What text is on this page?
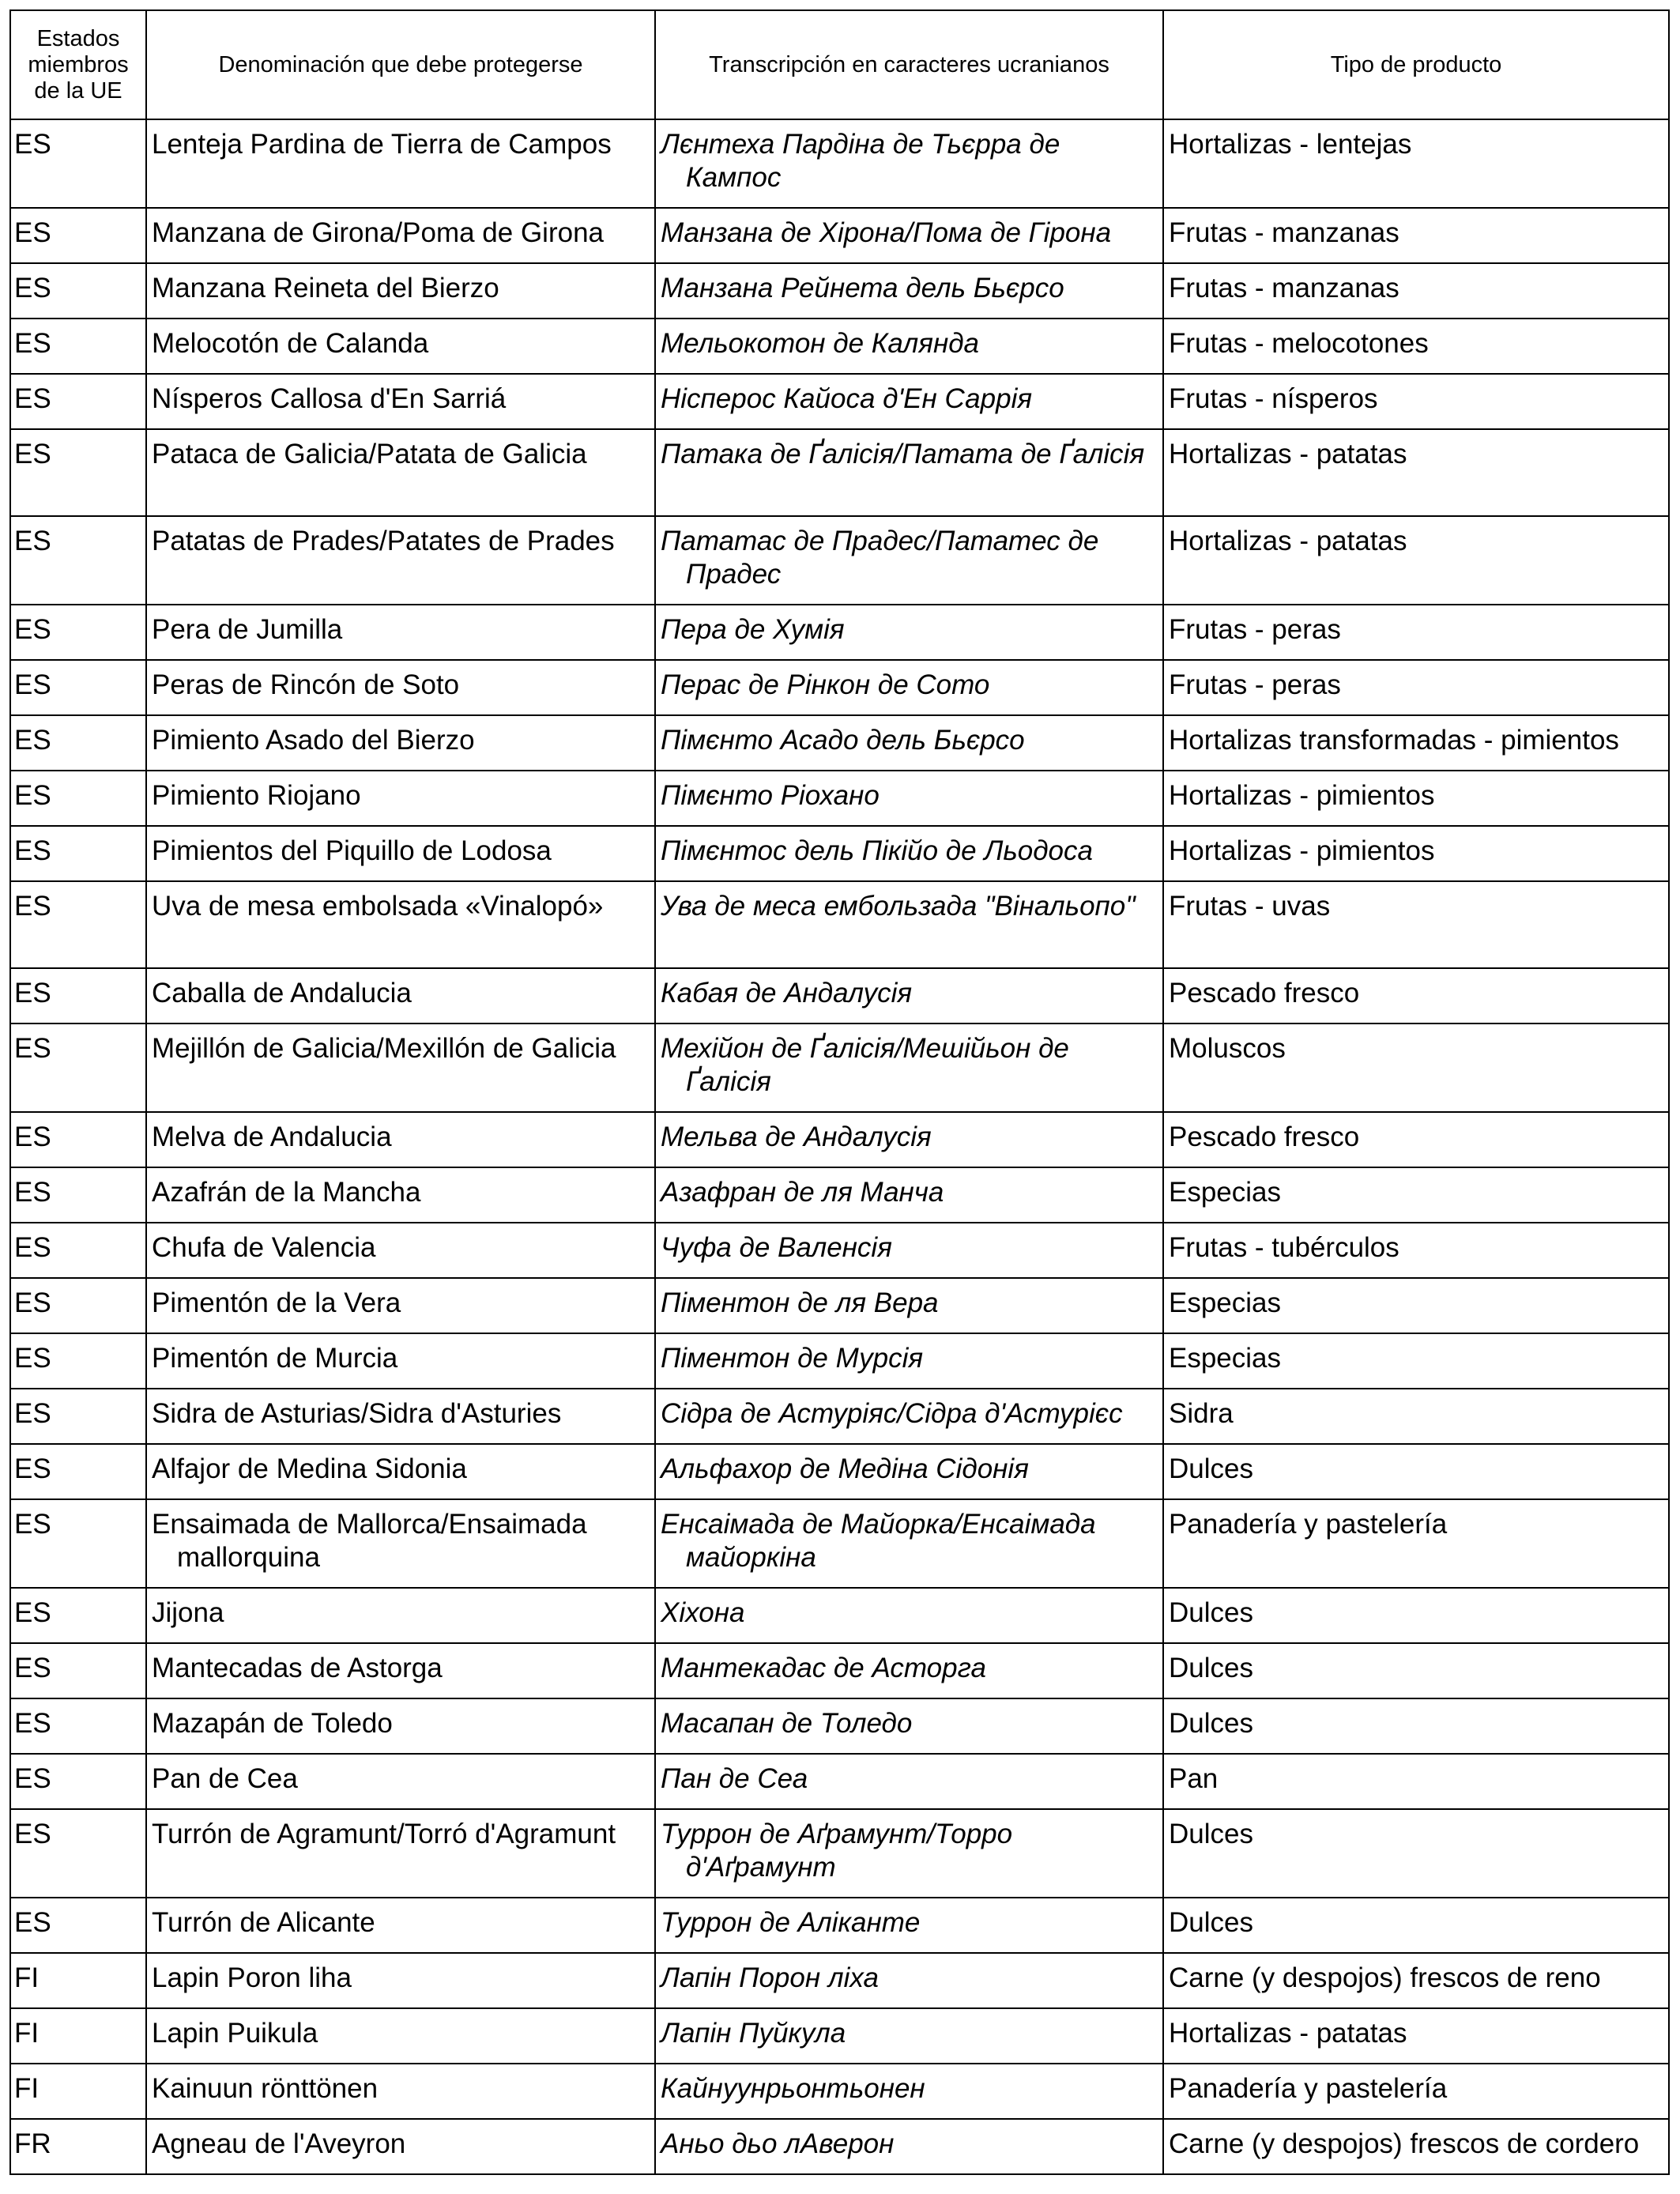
Estados miembros de la UE	Denominación que debe protegerse	Transcripción en caracteres ucranianos	Tipo de producto
ES	Lenteja Pardina de Tierra de Campos	Лєнтеха Пардіна де Тьєрра де Кампос	Hortalizas - lentejas
ES	Manzana de Girona/Poma de Girona	Манзана де Хірона/Пома де Гірона	Frutas - manzanas
ES	Manzana Reineta del Bierzo	Манзана Рейнета дель Бьєрсо	Frutas - manzanas
ES	Melocotón de Calanda	Мельокотон де Калянда	Frutas - melocotones
ES	Nísperos Callosa d'En Sarriá	Ніcперос Кайоса д'Ен Саррія	Frutas - nísperos
ES	Pataca de Galicia/Patata de Galicia	Патака де Ґалісія/Патата де Ґалісія	Hortalizas - patatas
ES	Patatas de Prades/Patates de Prades	Пататас де Прадес/Пататес де Прадес	Hortalizas - patatas
ES	Pera de Jumilla	Пера де Хумія	Frutas - peras
ES	Peras de Rincón de Soto	Перас де Рінкон де Сото	Frutas - peras
ES	Pimiento Asado del Bierzo	Пімєнто Асадо дель Бьєрсо	Hortalizas transformadas - pimientos
ES	Pimiento Riojano	Пімєнто Ріохано	Hortalizas - pimientos
ES	Pimientos del Piquillo de Lodosa	Пімєнтос дель Пікійо де Льодоса	Hortalizas - pimientos
ES	Uva de mesa embolsada «Vinalopó»	Ува де меса ембользада "Вінальопо"	Frutas - uvas
ES	Caballa de Andalucia	Кабая де Андалусія	Pescado fresco
ES	Mejillón de Galicia/Mexillón de Galicia	Мехійон де Ґалісія/Мешійьон де Ґалісія	Moluscos
ES	Melva de Andalucia	Мельва де Андалусія	Pescado fresco
ES	Azafrán de la Mancha	Азафран де ля Манча	Especias
ES	Chufa de Valencia	Чуфа де Валенсія	Frutas - tubérculos
ES	Pimentón de la Vera	Піментон де ля Вера	Especias
ES	Pimentón de Murcia	Піментон де Мурсія	Especias
ES	Sidra de Asturias/Sidra d'Asturies	Сідра де Астуріяс/Сідра д'Астурієс	Sidra
ES	Alfajor de Medina Sidonia	Альфахор де Медіна Сідонія	Dulces
ES	Ensaimada de Mallorca/Ensaimada mallorquina	Енсаімада де Майорка/Енсаімада майоркіна	Panadería y pastelería
ES	Jijona	Хіхона	Dulces
ES	Mantecadas de Astorga	Мантекадас де Асторга	Dulces
ES	Mazapán de Toledo	Масапан де Толедо	Dulces
ES	Pan de Cea	Пан де Сеа	Pan
ES	Turrón de Agramunt/Torró d'Agramunt	Туррон де Аґрамунт/Торро д'Аґрамунт	Dulces
ES	Turrón de Alicante	Туррон де Аліканте	Dulces
FI	Lapin Poron liha	Лапін Порон ліха	Carne (y despojos) frescos de reno
FI	Lapin Puikula	Лапін Пуйкула	Hortalizas - patatas
FI	Kainuun rönttönen	Кайнуунрьонтьонен	Panadería y pastelería
FR	Agneau de l'Aveyron	Аньо дьо лАверон	Carne (y despojos) frescos de cordero
